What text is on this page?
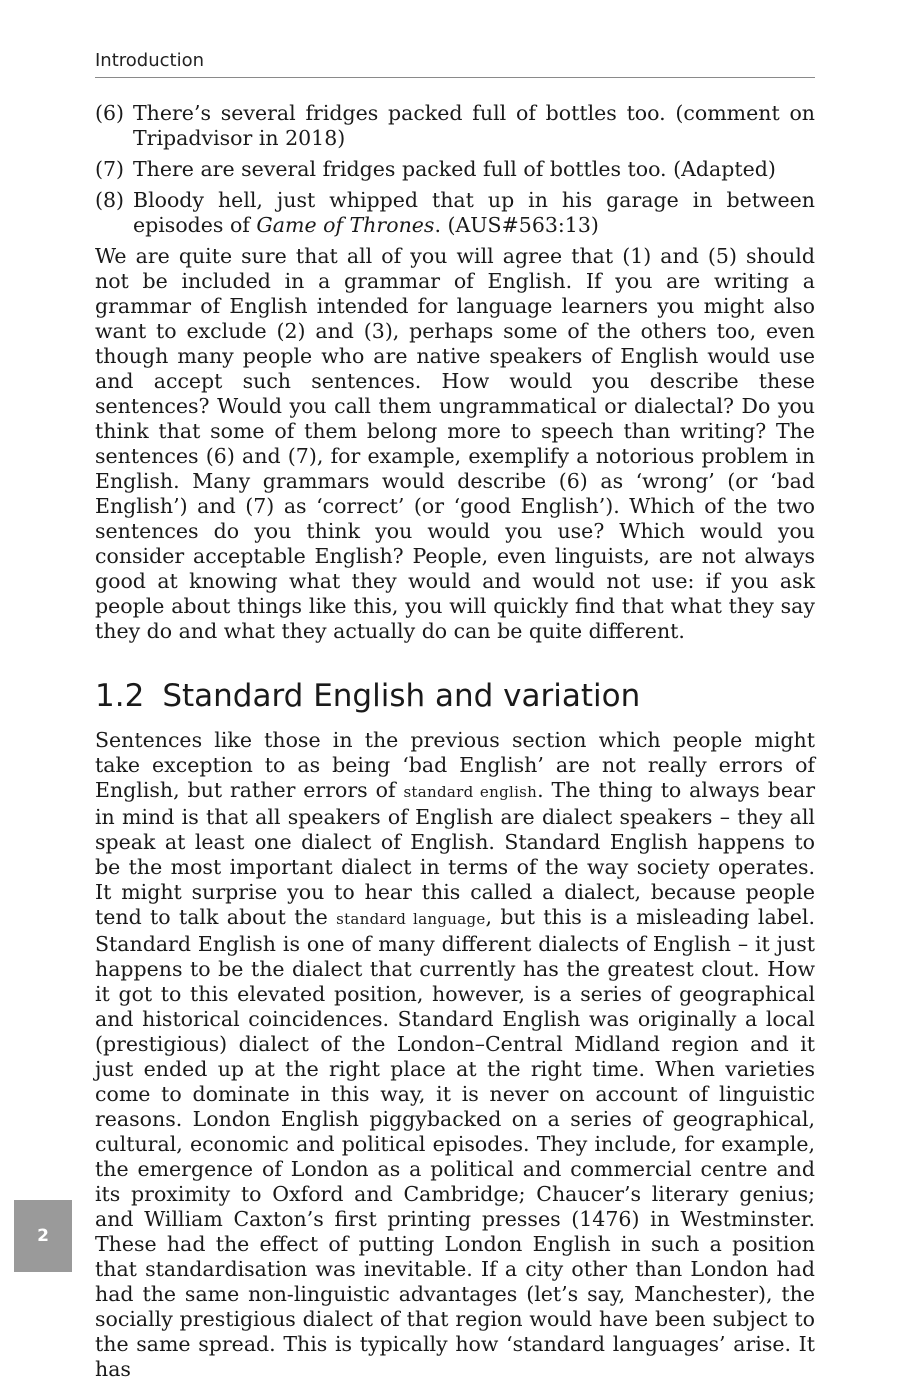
Introduction
(6) There’s several fridges packed full of bottles too. (comment on Tripadvisor in 2018)
(7) There are several fridges packed full of bottles too. (Adapted)
(8) Bloody hell, just whipped that up in his garage in between episodes of Game of Thrones. (AUS#563:13)

We are quite sure that all of you will agree that (1) and (5) should not be included in a grammar of English. If you are writing a grammar of English intended for language learners you might also want to exclude (2) and (3), perhaps some of the others too, even though many people who are native speakers of English would use and accept such sentences. How would you describe these sentences? Would you call them ungrammatical or dialectal? Do you think that some of them belong more to speech than writing? The sentences (6) and (7), for example, exemplify a notorious problem in English. Many grammars would describe (6) as ‘wrong’ (or ‘bad English’) and (7) as ‘correct’ (or ‘good English’). Which of the two sentences do you think you would you use? Which would you consider acceptable English? People, even linguists, are not always good at knowing what they would and would not use: if you ask people about things like this, you will quickly find that what they say they do and what they actually do can be quite different.

1.2 Standard English and variation

Sentences like those in the previous section which people might take exception to as being ‘bad English’ are not really errors of English, but rather errors of standard english. The thing to always bear in mind is that all speakers of English are dialect speakers – they all speak at least one dialect of English. Standard English happens to be the most important dialect in terms of the way society operates. It might surprise you to hear this called a dialect, because people tend to talk about the standard language, but this is a misleading label. Standard English is one of many different dialects of English – it just happens to be the dialect that currently has the greatest clout. How it got to this elevated position, however, is a series of geographical and historical coincidences. Standard English was originally a local (prestigious) dialect of the London–Central Midland region and it just ended up at the right place at the right time. When varieties come to dominate in this way, it is never on account of linguistic reasons. London English piggybacked on a series of geographical, cultural, economic and political episodes. They include, for example, the emergence of London as a political and commercial centre and its proximity to Oxford and Cambridge; Chaucer’s literary genius; and William Caxton’s first printing presses (1476) in Westminster. These had the effect of putting London English in such a position that standardisation was inevitable. If a city other than London had had the same non-linguistic advantages (let’s say, Manchester), the socially prestigious dialect of that region would have been subject to the same spread. This is typically how ‘standard languages’ arise. It has

2
